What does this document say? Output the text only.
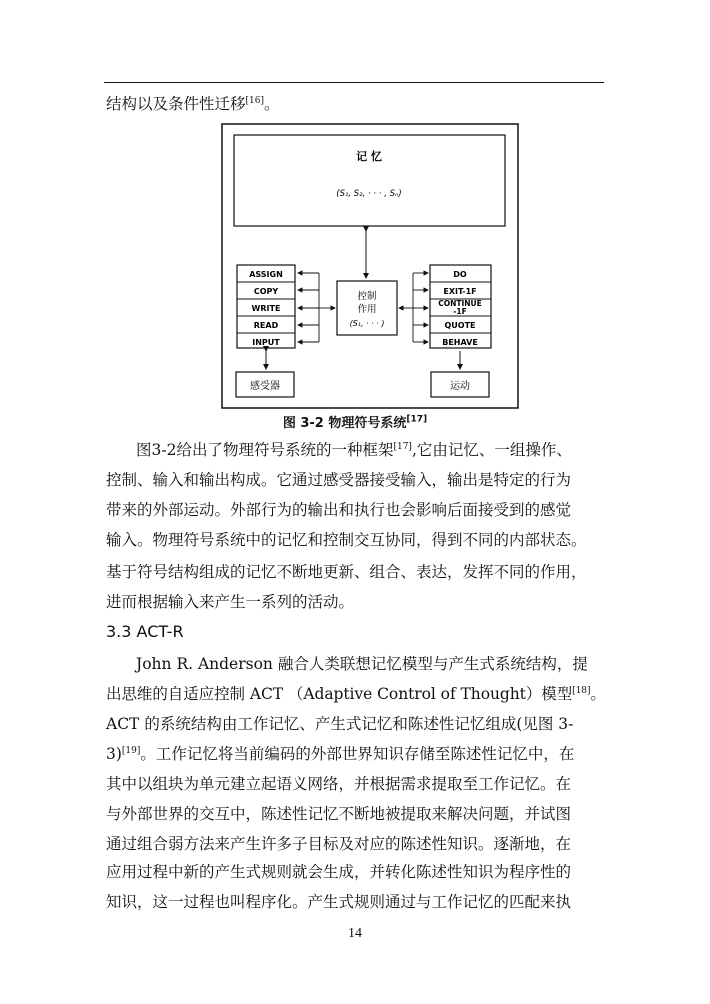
结构以及条件性迁移[16]。
记 忆
(S₁, S₂, · · · , Sₙ)
控制
作用
(S₁, · · · )
ASSIGN
COPY
WRITE
READ
INPUT
DO
EXIT-1F
CONTINUE
-1F
QUOTE
BEHAVE
感受器	运动
图 3-2 物理符号系统[17]
图3-2给出了物理符号系统的一种框架[17],它由记忆、一组操作、
控制、输入和输出构成。它通过感受器接受输入，输出是特定的行为
带来的外部运动。外部行为的输出和执行也会影响后面接受到的感觉
输入。物理符号系统中的记忆和控制交互协同，得到不同的内部状态。
基于符号结构组成的记忆不断地更新、组合、表达，发挥不同的作用，
进而根据输入来产生一系列的活动。
3.3 ACT-R
John R. Anderson 融合人类联想记忆模型与产生式系统结构，提
出思维的自适应控制 ACT （Adaptive Control of Thought）模型[18]。
ACT 的系统结构由工作记忆、产生式记忆和陈述性记忆组成(见图 3-
3)[19]。工作记忆将当前编码的外部世界知识存储至陈述性记忆中，在
其中以组块为单元建立起语义网络，并根据需求提取至工作记忆。在
与外部世界的交互中，陈述性记忆不断地被提取来解决问题，并试图
通过组合弱方法来产生许多子目标及对应的陈述性知识。逐渐地，在
应用过程中新的产生式规则就会生成，并转化陈述性知识为程序性的
知识，这一过程也叫程序化。产生式规则通过与工作记忆的匹配来执
14
